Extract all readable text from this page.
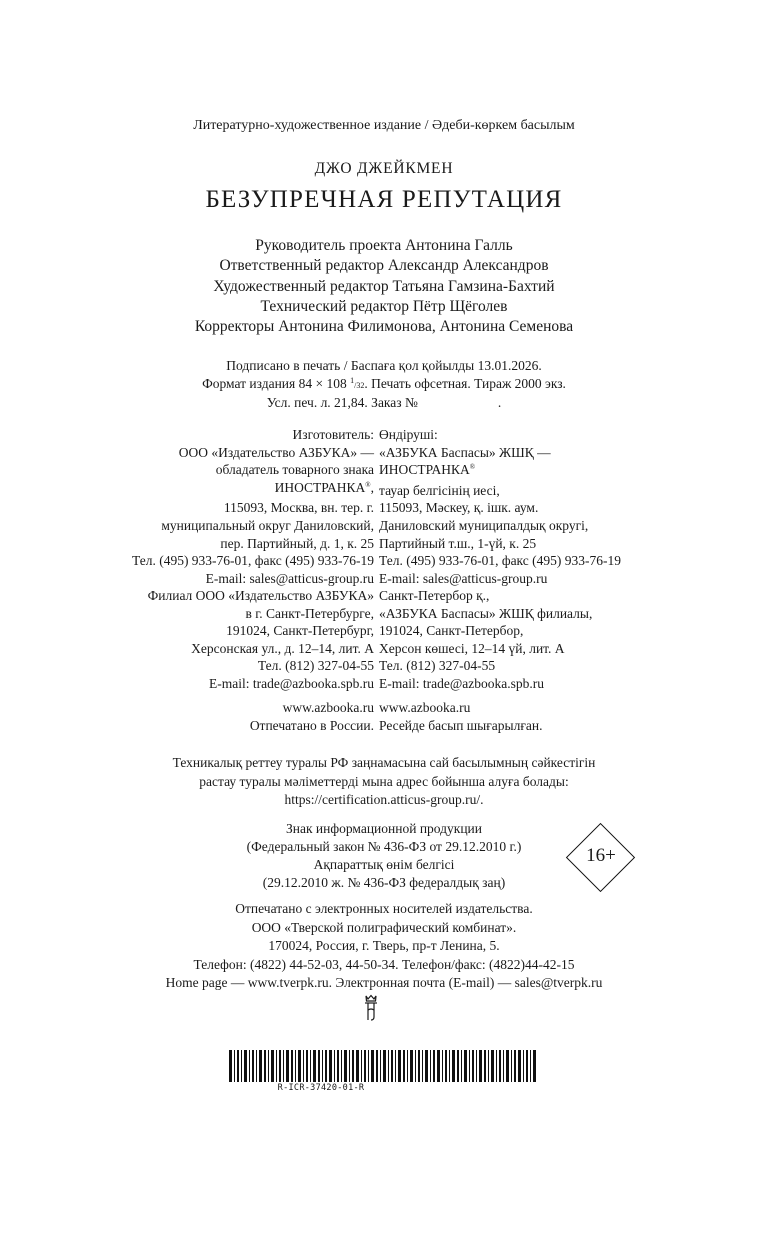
Литературно-художественное издание / Әдеби-көркем басылым
ДЖО ДЖЕЙКМЕН
БЕЗУПРЕЧНАЯ РЕПУТАЦИЯ
Руководитель проекта Антонина Галль
Ответственный редактор Александр Александров
Художественный редактор Татьяна Гамзина-Бахтий
Технический редактор Пётр Щёголев
Корректоры Антонина Филимонова, Антонина Семенова
Подписано в печать / Баспаға қол қойылды 13.01.2026.
Формат издания 84 × 108 $^1$/32. Печать офсетная. Тираж 2000 экз.
Усл. печ. л. 21,84. Заказ №	.
Изготовитель:
ООО «Издательство АЗБУКА» —
обладатель товарного знака
ИНОСТРАНКА®,
115093, Москва, вн. тер. г.
муниципальный округ Даниловский,
пер. Партийный, д. 1, к. 25
Тел. (495) 933-76-01, факс (495) 933-76-19
E-mail: sales@atticus-group.ru
Өндіруші:
«АЗБУКА Баспасы» ЖШҚ —
ИНОСТРАНКА®
тауар белгісінің иесі,
115093, Мәскеу, қ. ішк. аум.
Даниловский муниципалдық округі,
Партийный т.ш., 1-үй, к. 25
Тел. (495) 933-76-01, факс (495) 933-76-19
E-mail: sales@atticus-group.ru
Филиал ООО «Издательство АЗБУКА»
в г. Санкт-Петербурге,
191024, Санкт-Петербург,
Херсонская ул., д. 12–14, лит. А
Тел. (812) 327-04-55
E-mail: trade@azbooka.spb.ru
Санкт-Петербор қ.,
«АЗБУКА Баспасы» ЖШҚ филиалы,
191024, Санкт-Петербор,
Херсон көшесі, 12–14 үй, лит. А
Тел. (812) 327-04-55
E-mail: trade@azbooka.spb.ru
www.azbooka.ru
Отпечатано в России.
www.azbooka.ru
Ресейде басып шығарылған.
Техникалық реттеу туралы РФ заңнамасына сай басылымның сәйкестігін
растау туралы мәліметтерді мына адрес бойынша алуға болады:
https://certification.atticus-group.ru/.
Знак информационной продукции
(Федеральный закон № 436-ФЗ от 29.12.2010 г.)
Ақпараттық өнім белгісі
(29.12.2010 ж. № 436-ФЗ федералдық заң)
16+
Отпечатано с электронных носителей издательства.
ООО «Тверской полиграфический комбинат».
170024, Россия, г. Тверь, пр-т Ленина, 5.
Телефон: (4822) 44-52-03, 44-50-34. Телефон/факс: (4822)44-42-15
Home page — www.tverpk.ru. Электронная почта (E-mail) — sales@tverpk.ru
R-ICR-37420-01-R
